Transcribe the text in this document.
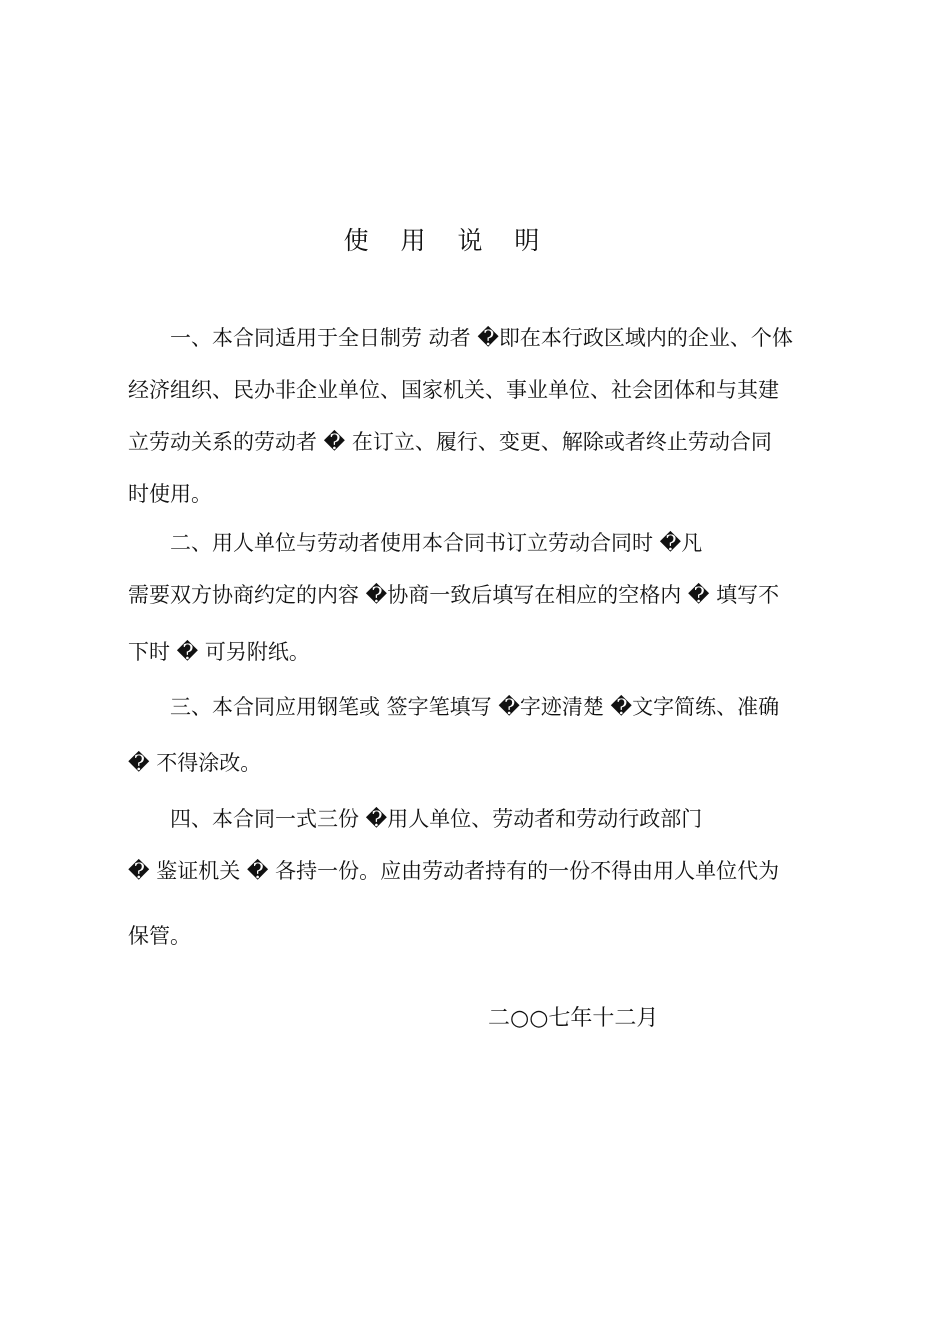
使 用 说 明
一、本合同适用于全日制劳 动者 �即在本行政区域内的企业、个体
经济组织、民办非企业单位、国家机关、事业单位、社会团体和与其建
立劳动关系的劳动者 � 在订立、履行、变更、解除或者终止劳动合同
时使用。
二、用人单位与劳动者使用本合同书订立劳动合同时 �凡
需要双方协商约定的内容 �协商一致后填写在相应的空格内 � 填写不
下时 � 可另附纸。
三、本合同应用钢笔或 签字笔填写 �字迹清楚 �文字简练、准确
� 不得涂改。
四、本合同一式三份 �用人单位、劳动者和劳动行政部门
� 鉴证机关 � 各持一份。应由劳动者持有的一份不得由用人单位代为
保管。
二○○七年十二月
